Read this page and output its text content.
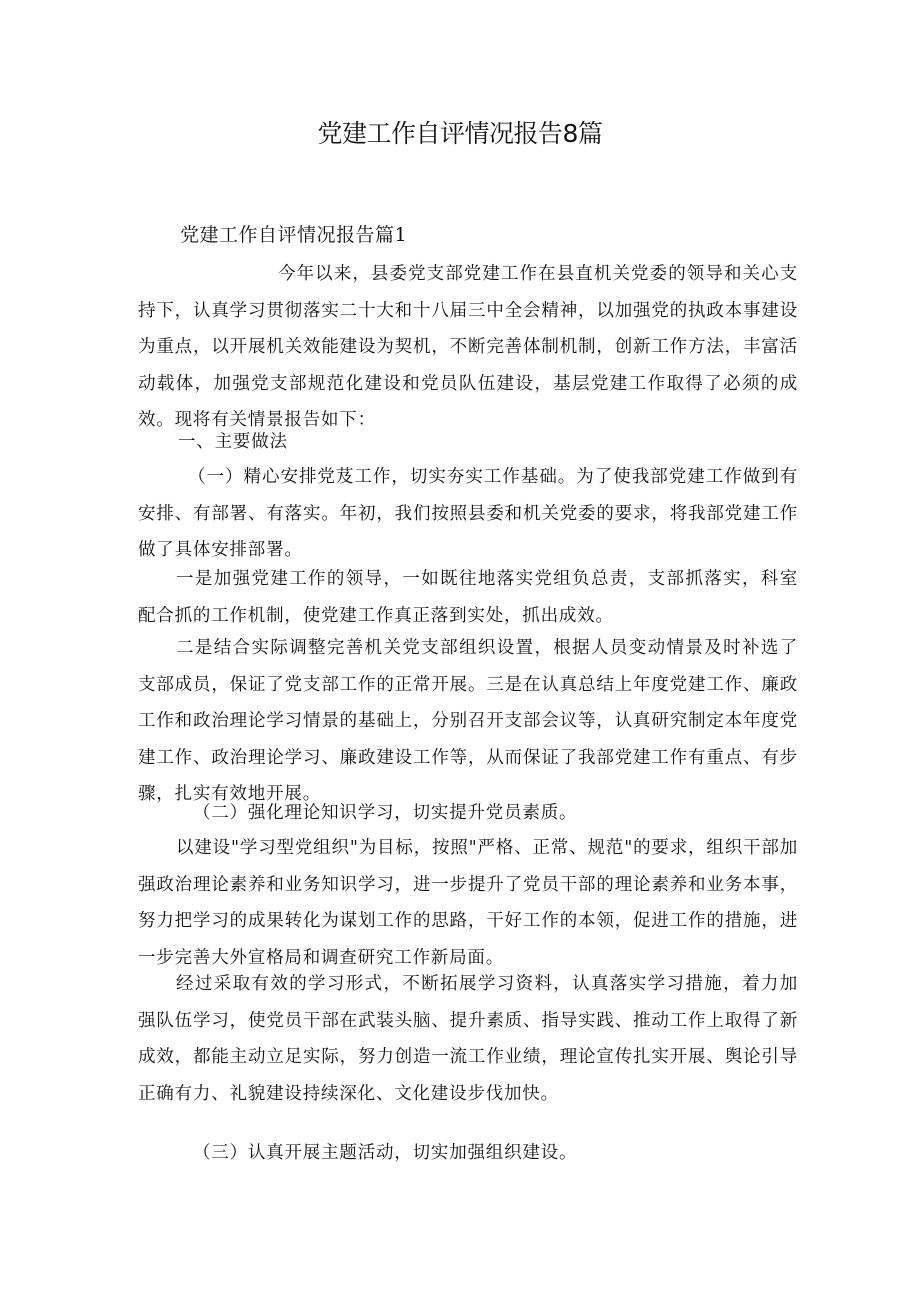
党建工作自评情况报告8篇
党建工作自评情况报告篇1

今年以来，县委党支部党建工作在县直机关党委的领导和关心支持下，认真学习贯彻落实二十大和十八届三中全会精神，以加强党的执政本事建设为重点，以开展机关效能建设为契机，不断完善体制机制，创新工作方法，丰富活动载体，加强党支部规范化建设和党员队伍建设，基层党建工作取得了必须的成效。现将有关情景报告如下：

一、主要做法

（一）精心安排党芨工作，切实夯实工作基础。为了使我部党建工作做到有安排、有部署、有落实。年初，我们按照县委和机关党委的要求，将我部党建工作做了具体安排部署。

一是加强党建工作的领导，一如既往地落实党组负总责，支部抓落实，科室配合抓的工作机制，使党建工作真正落到实处，抓出成效。

二是结合实际调整完善机关党支部组织设置，根据人员变动情景及时补选了支部成员，保证了党支部工作的正常开展。三是在认真总结上年度党建工作、廉政工作和政治理论学习情景的基础上，分别召开支部会议等，认真研究制定本年度党建工作、政治理论学习、廉政建设工作等，从而保证了我部党建工作有重点、有步骤，扎实有效地开展。

（二）强化理论知识学习，切实提升党员素质。

以建设"学习型党组织"为目标，按照"严格、正常、规范"的要求，组织干部加强政治理论素养和业务知识学习，进一步提升了党员干部的理论素养和业务本事，努力把学习的成果转化为谋划工作的思路，干好工作的本领，促进工作的措施，进一步完善大外宣格局和调查研究工作新局面。

经过采取有效的学习形式，不断拓展学习资料，认真落实学习措施，着力加强队伍学习，使党员干部在武装头脑、提升素质、指导实践、推动工作上取得了新成效，都能主动立足实际，努力创造一流工作业绩，理论宣传扎实开展、舆论引导正确有力、礼貌建设持续深化、文化建设步伐加快。

（三）认真开展主题活动，切实加强组织建设。
